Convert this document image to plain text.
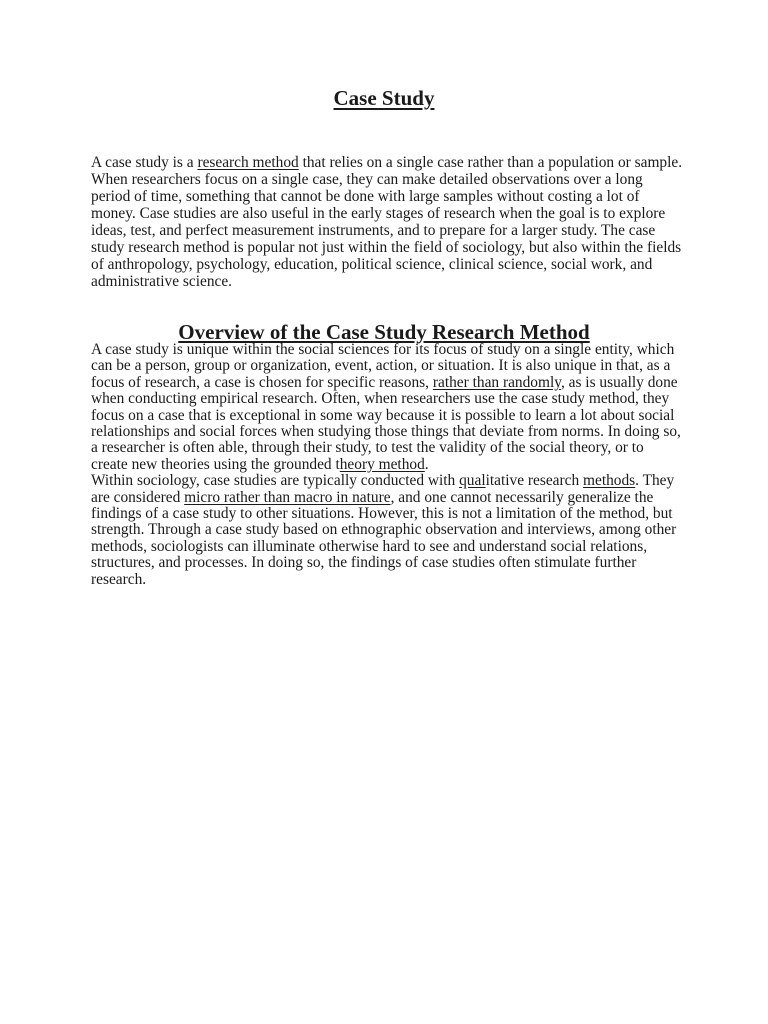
Case Study

A case study is a research method that relies on a single case rather than a population or sample. When researchers focus on a single case, they can make detailed observations over a long period of time, something that cannot be done with large samples without costing a lot of money. Case studies are also useful in the early stages of research when the goal is to explore ideas, test, and perfect measurement instruments, and to prepare for a larger study. The case study research method is popular not just within the field of sociology, but also within the fields of anthropology, psychology, education, political science, clinical science, social work, and administrative science.

Overview of the Case Study Research Method
A case study is unique within the social sciences for its focus of study on a single entity, which can be a person, group or organization, event, action, or situation. It is also unique in that, as a focus of research, a case is chosen for specific reasons, rather than randomly, as is usually done when conducting empirical research. Often, when researchers use the case study method, they focus on a case that is exceptional in some way because it is possible to learn a lot about social relationships and social forces when studying those things that deviate from norms. In doing so, a researcher is often able, through their study, to test the validity of the social theory, or to create new theories using the grounded theory method.
Within sociology, case studies are typically conducted with qualitative research methods. They are considered micro rather than macro in nature, and one cannot necessarily generalize the findings of a case study to other situations. However, this is not a limitation of the method, but strength. Through a case study based on ethnographic observation and interviews, among other methods, sociologists can illuminate otherwise hard to see and understand social relations, structures, and processes. In doing so, the findings of case studies often stimulate further research.
